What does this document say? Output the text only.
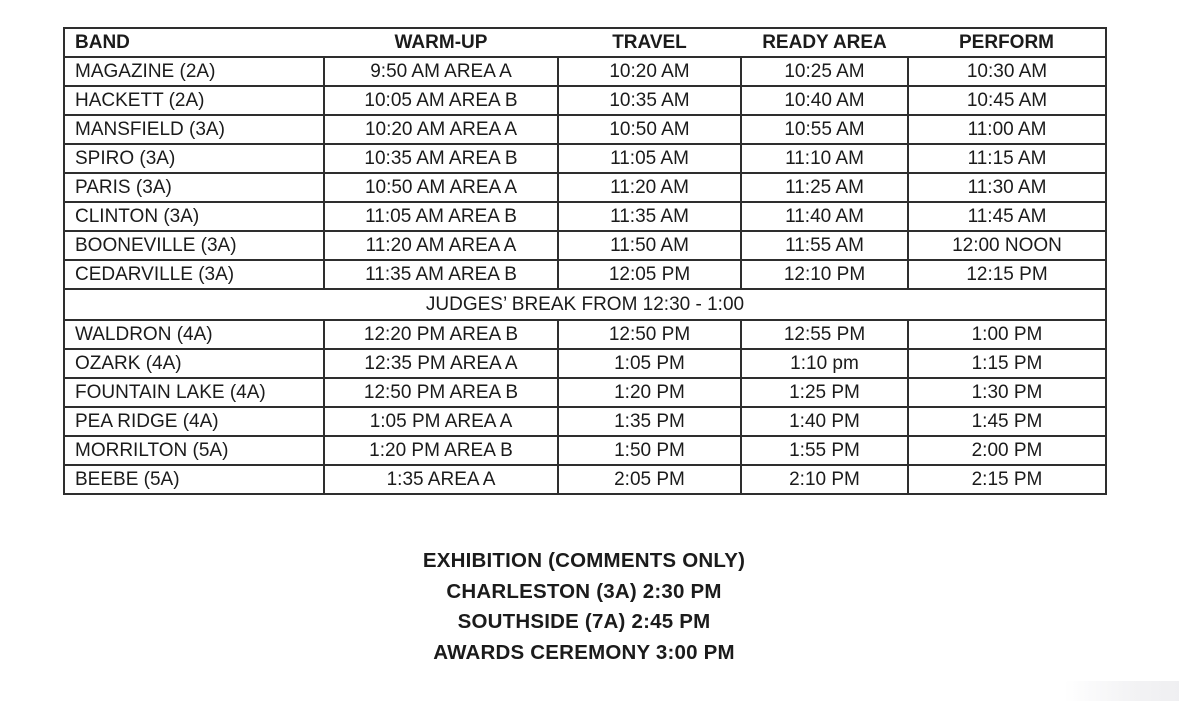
BAND	WARM-UP	TRAVEL	READY AREA	PERFORM
MAGAZINE (2A)	9:50 AM AREA A	10:20 AM	10:25 AM	10:30 AM
HACKETT (2A)	10:05 AM AREA B	10:35 AM	10:40 AM	10:45 AM
MANSFIELD (3A)	10:20 AM AREA A	10:50 AM	10:55 AM	11:00 AM
SPIRO (3A)	10:35 AM AREA B	11:05 AM	11:10 AM	11:15 AM
PARIS (3A)	10:50 AM AREA A	11:20 AM	11:25 AM	11:30 AM
CLINTON (3A)	11:05 AM AREA B	11:35 AM	11:40 AM	11:45 AM
BOONEVILLE (3A)	11:20 AM AREA A	11:50 AM	11:55 AM	12:00 NOON
CEDARVILLE (3A)	11:35 AM AREA B	12:05 PM	12:10 PM	12:15 PM
JUDGES’ BREAK FROM 12:30 - 1:00				
WALDRON (4A)	12:20 PM AREA B	12:50 PM	12:55 PM	1:00 PM
OZARK (4A)	12:35 PM AREA A	1:05 PM	1:10 pm	1:15 PM
FOUNTAIN LAKE (4A)	12:50 PM AREA B	1:20 PM	1:25 PM	1:30 PM
PEA RIDGE (4A)	1:05 PM AREA A	1:35 PM	1:40 PM	1:45 PM
MORRILTON (5A)	1:20 PM AREA B	1:50 PM	1:55 PM	2:00 PM
BEEBE (5A)	1:35 AREA A	2:05 PM	2:10 PM	2:15 PM
EXHIBITION (COMMENTS ONLY)
CHARLESTON (3A) 2:30 PM
SOUTHSIDE (7A) 2:45 PM
AWARDS CEREMONY 3:00 PM
